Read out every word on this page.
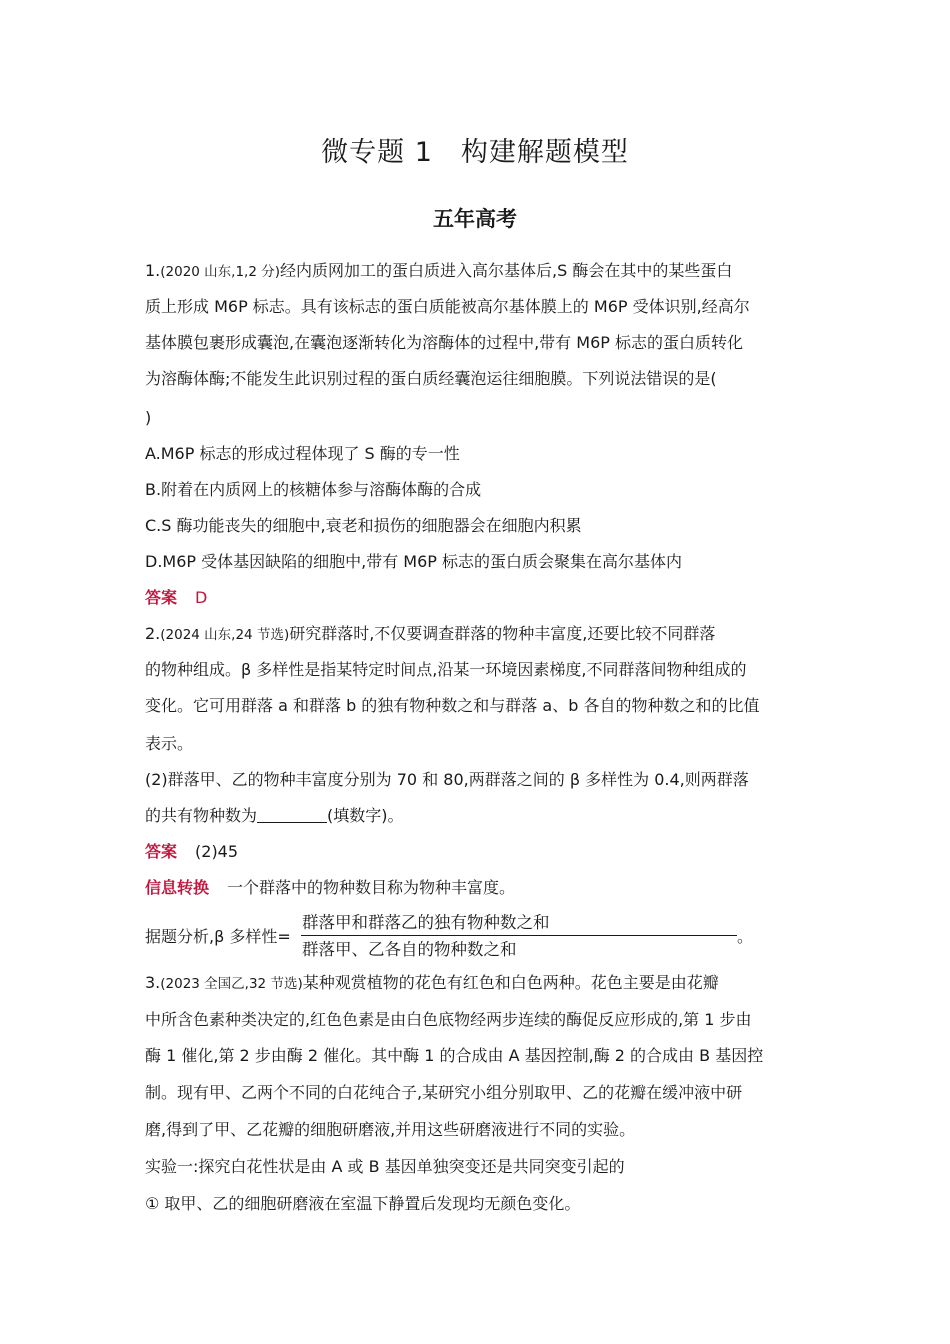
微专题 1　构建解题模型
五年高考
1.(2020 山东,1,2 分)经内质网加工的蛋白质进入高尔基体后,S 酶会在其中的某些蛋白
质上形成 M6P 标志。具有该标志的蛋白质能被高尔基体膜上的 M6P 受体识别,经高尔
基体膜包裹形成囊泡,在囊泡逐渐转化为溶酶体的过程中,带有 M6P 标志的蛋白质转化
为溶酶体酶;不能发生此识别过程的蛋白质经囊泡运往细胞膜。下列说法错误的是(
)
A.M6P 标志的形成过程体现了 S 酶的专一性
B.附着在内质网上的核糖体参与溶酶体酶的合成
C.S 酶功能丧失的细胞中,衰老和损伤的细胞器会在细胞内积累
D.M6P 受体基因缺陷的细胞中,带有 M6P 标志的蛋白质会聚集在高尔基体内
答案 D
2.(2024 山东,24 节选)研究群落时,不仅要调查群落的物种丰富度,还要比较不同群落
的物种组成。β 多样性是指某特定时间点,沿某一环境因素梯度,不同群落间物种组成的
变化。它可用群落 a 和群落 b 的独有物种数之和与群落 a、b 各自的物种数之和的比值
表示。
(2)群落甲、乙的物种丰富度分别为 70 和 80,两群落之间的 β 多样性为 0.4,则两群落
的共有物种数为	(填数字)。
答案 (2)45
信息转换 一个群落中的物种数目称为物种丰富度。
据题分析,β 多样性=
群落甲和群落乙的独有物种数之和
群落甲、乙各自的物种数之和
。
3.(2023 全国乙,32 节选)某种观赏植物的花色有红色和白色两种。花色主要是由花瓣
中所含色素种类决定的,红色色素是由白色底物经两步连续的酶促反应形成的,第 1 步由
酶 1 催化,第 2 步由酶 2 催化。其中酶 1 的合成由 A 基因控制,酶 2 的合成由 B 基因控
制。现有甲、乙两个不同的白花纯合子,某研究小组分别取甲、乙的花瓣在缓冲液中研
磨,得到了甲、乙花瓣的细胞研磨液,并用这些研磨液进行不同的实验。
实验一:探究白花性状是由 A 或 B 基因单独突变还是共同突变引起的
① 取甲、乙的细胞研磨液在室温下静置后发现均无颜色变化。
